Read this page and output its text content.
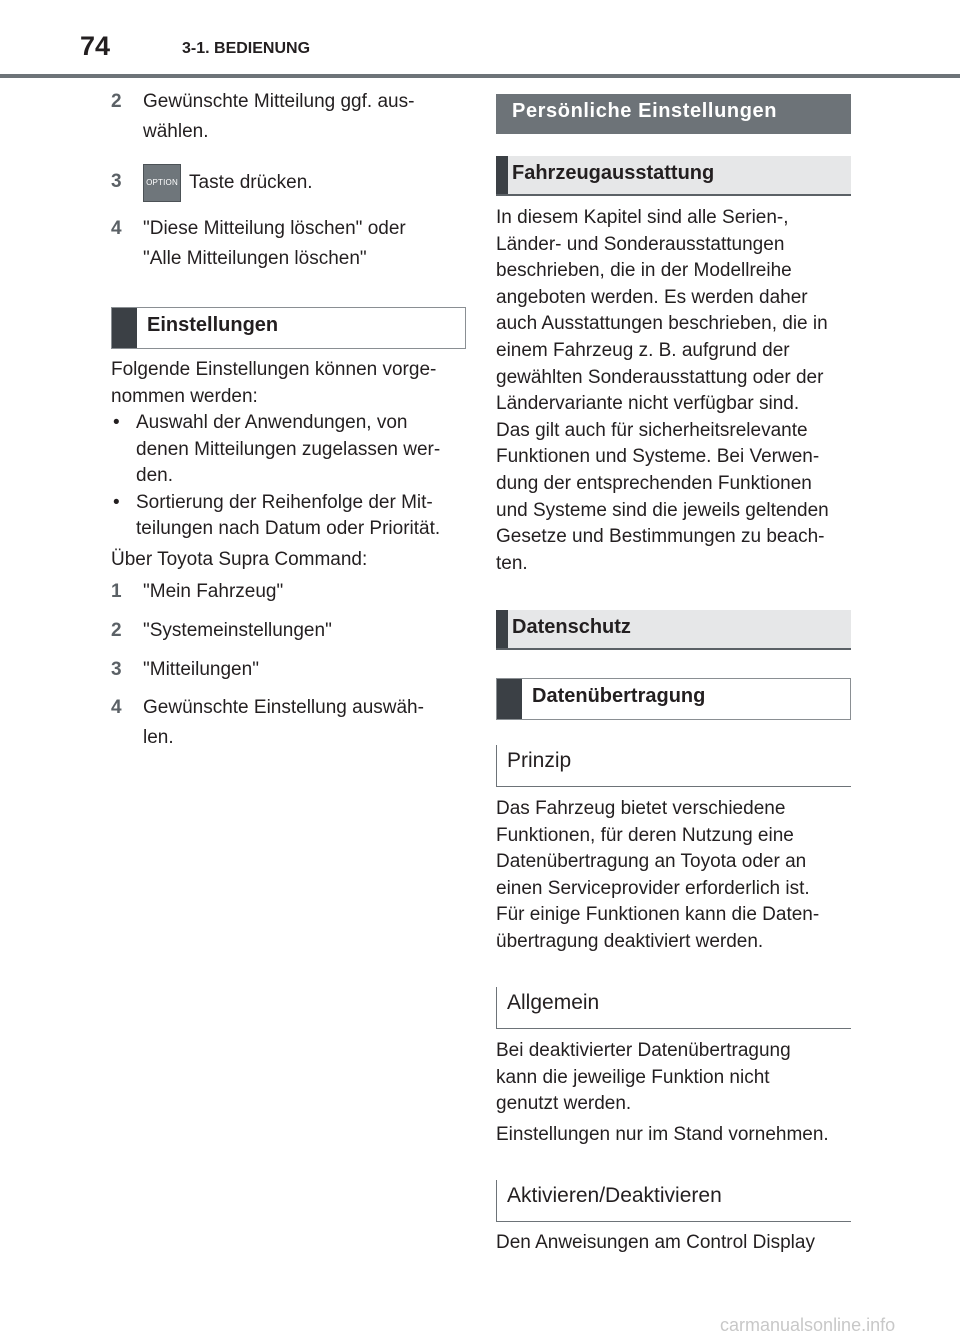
74	3-1. BEDIENUNG
2	Gewünschte Mitteilung ggf. aus-
wählen.
3	OPTION Taste drücken.
4	"Diese Mitteilung löschen" oder
"Alle Mitteilungen löschen"
Einstellungen
Folgende Einstellungen können vorge-
nommen werden:
• Auswahl der Anwendungen, von
denen Mitteilungen zugelassen wer-
den.
• Sortierung der Reihenfolge der Mit-
teilungen nach Datum oder Priorität.
Über Toyota Supra Command:
1	"Mein Fahrzeug"
2	"Systemeinstellungen"
3	"Mitteilungen"
4	Gewünschte Einstellung auswäh-
len.
Persönliche Einstellungen
Fahrzeugausstattung
In diesem Kapitel sind alle Serien-,
Länder- und Sonderausstattungen
beschrieben, die in der Modellreihe
angeboten werden. Es werden daher
auch Ausstattungen beschrieben, die in
einem Fahrzeug z. B. aufgrund der
gewählten Sonderausstattung oder der
Ländervariante nicht verfügbar sind.
Das gilt auch für sicherheitsrelevante
Funktionen und Systeme. Bei Verwen-
dung der entsprechenden Funktionen
und Systeme sind die jeweils geltenden
Gesetze und Bestimmungen zu beach-
ten.
Datenschutz
Datenübertragung
Prinzip
Das Fahrzeug bietet verschiedene
Funktionen, für deren Nutzung eine
Datenübertragung an Toyota oder an
einen Serviceprovider erforderlich ist.
Für einige Funktionen kann die Daten-
übertragung deaktiviert werden.
Allgemein
Bei deaktivierter Datenübertragung
kann die jeweilige Funktion nicht
genutzt werden.
Einstellungen nur im Stand vornehmen.
Aktivieren/Deaktivieren
Den Anweisungen am Control Display
carmanualsonline.info
